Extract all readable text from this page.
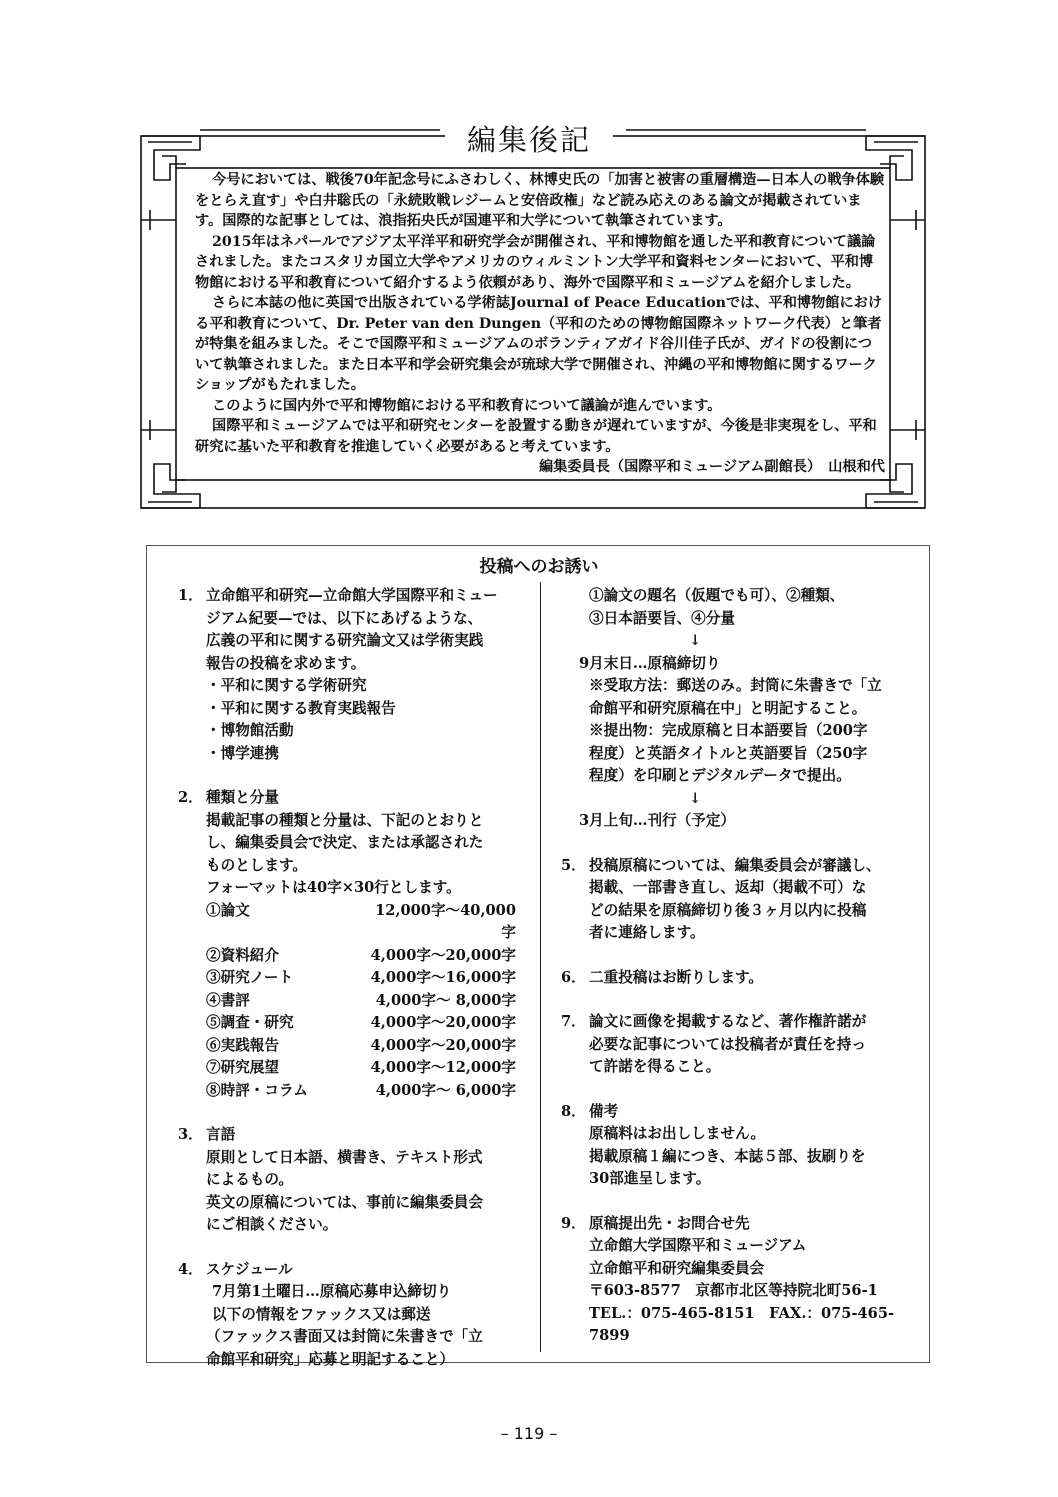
編集後記

今号においては、戦後70年記念号にふさわしく、林博史氏の「加害と被害の重層構造—日本人の戦争体験をとらえ直す」や白井聡氏の「永続敗戦レジームと安倍政権」など読み応えのある論文が掲載されています。国際的な記事としては、浪指拓央氏が国連平和大学について執筆されています。

2015年はネパールでアジア太平洋平和研究学会が開催され、平和博物館を通した平和教育について議論されました。またコスタリカ国立大学やアメリカのウィルミントン大学平和資料センターにおいて、平和博物館における平和教育について紹介するよう依頼があり、海外で国際平和ミュージアムを紹介しました。

さらに本誌の他に英国で出版されている学術誌Journal of Peace Educationでは、平和博物館における平和教育について、Dr. Peter van den Dungen（平和のための博物館国際ネットワーク代表）と筆者が特集を組みました。そこで国際平和ミュージアムのボランティアガイド谷川佳子氏が、ガイドの役割について執筆されました。また日本平和学会研究集会が琉球大学で開催され、沖縄の平和博物館に関するワークショップがもたれました。

このように国内外で平和博物館における平和教育について議論が進んでいます。

国際平和ミュージアムでは平和研究センターを設置する動きが遅れていますが、今後是非実現をし、平和研究に基いた平和教育を推進していく必要があると考えています。

編集委員長（国際平和ミュージアム副館長）　山根和代

投稿へのお誘い
1． 立命館平和研究—立命館大学国際平和ミュー
ジアム紀要—では、以下にあげるような、
広義の平和に関する研究論文又は学術実践
報告の投稿を求めます。
・平和に関する学術研究
・平和に関する教育実践報告
・博物館活動
・博学連携
2． 種類と分量
掲載記事の種類と分量は、下記のとおりと
し、編集委員会で決定、または承認された
ものとします。
フォーマットは40字×30行とします。
①論文	12,000字〜40,000字
②資料紹介	4,000字〜20,000字
③研究ノート	4,000字〜16,000字
④書評	4,000字〜 8,000字
⑤調査・研究	4,000字〜20,000字
⑥実践報告	4,000字〜20,000字
⑦研究展望	4,000字〜12,000字
⑧時評・コラム	4,000字〜 6,000字
3． 言語
原則として日本語、横書き、テキスト形式
によるもの。
英文の原稿については、事前に編集委員会
にご相談ください。
4． スケジュール
7月第1土曜日…原稿応募申込締切り
以下の情報をファックス又は郵送
（ファックス書面又は封筒に朱書きで「立
命館平和研究」応募と明記すること）
①論文の題名（仮題でも可）、②種類、
③日本語要旨、④分量
↓
9月末日…原稿締切り
※受取方法：郵送のみ。封筒に朱書きで「立
命館平和研究原稿在中」と明記すること。
※提出物：完成原稿と日本語要旨（200字
程度）と英語タイトルと英語要旨（250字
程度）を印刷とデジタルデータで提出。
↓
3月上旬…刊行（予定）
5． 投稿原稿については、編集委員会が審議し、
掲載、一部書き直し、返却（掲載不可）な
どの結果を原稿締切り後３ヶ月以内に投稿
者に連絡します。
6． 二重投稿はお断りします。
7． 論文に画像を掲載するなど、著作権許諾が
必要な記事については投稿者が責任を持っ
て許諾を得ること。
8． 備考
原稿料はお出ししません。
掲載原稿１編につき、本誌５部、抜刷りを
30部進呈します。
9． 原稿提出先・お問合せ先
立命館大学国際平和ミュージアム
立命館平和研究編集委員会
〒603-8577　京都市北区等持院北町56-1
TEL.：075-465-8151　FAX.：075-465-7899
– 119 –
